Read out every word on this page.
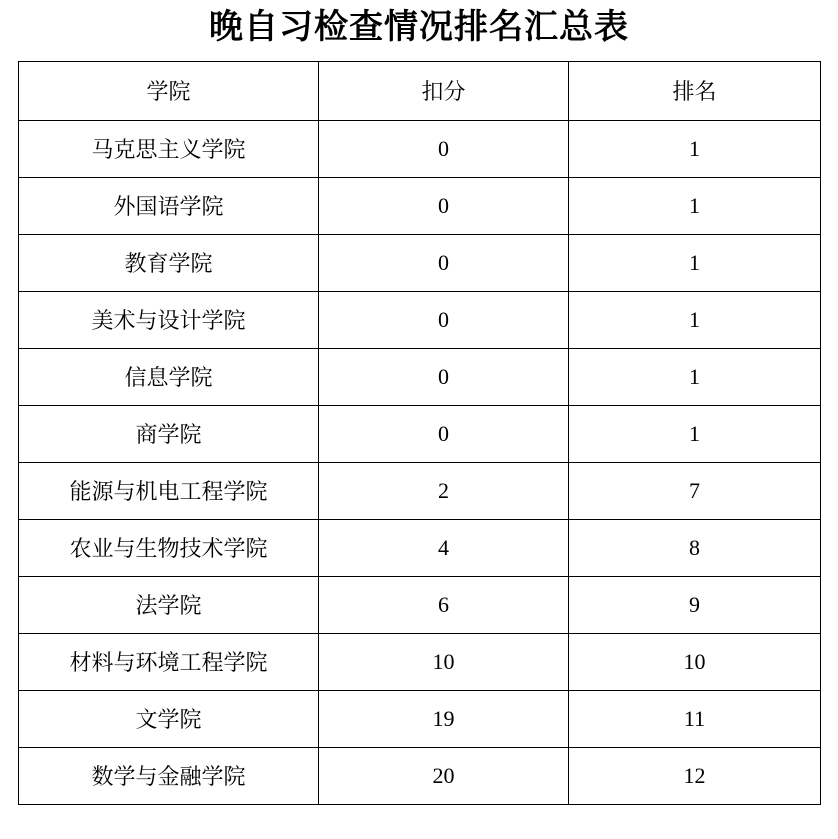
晚自习检查情况排名汇总表
学院	扣分	排名
马克思主义学院	0	1
外国语学院	0	1
教育学院	0	1
美术与设计学院	0	1
信息学院	0	1
商学院	0	1
能源与机电工程学院	2	7
农业与生物技术学院	4	8
法学院	6	9
材料与环境工程学院	10	10
文学院	19	11
数学与金融学院	20	12
